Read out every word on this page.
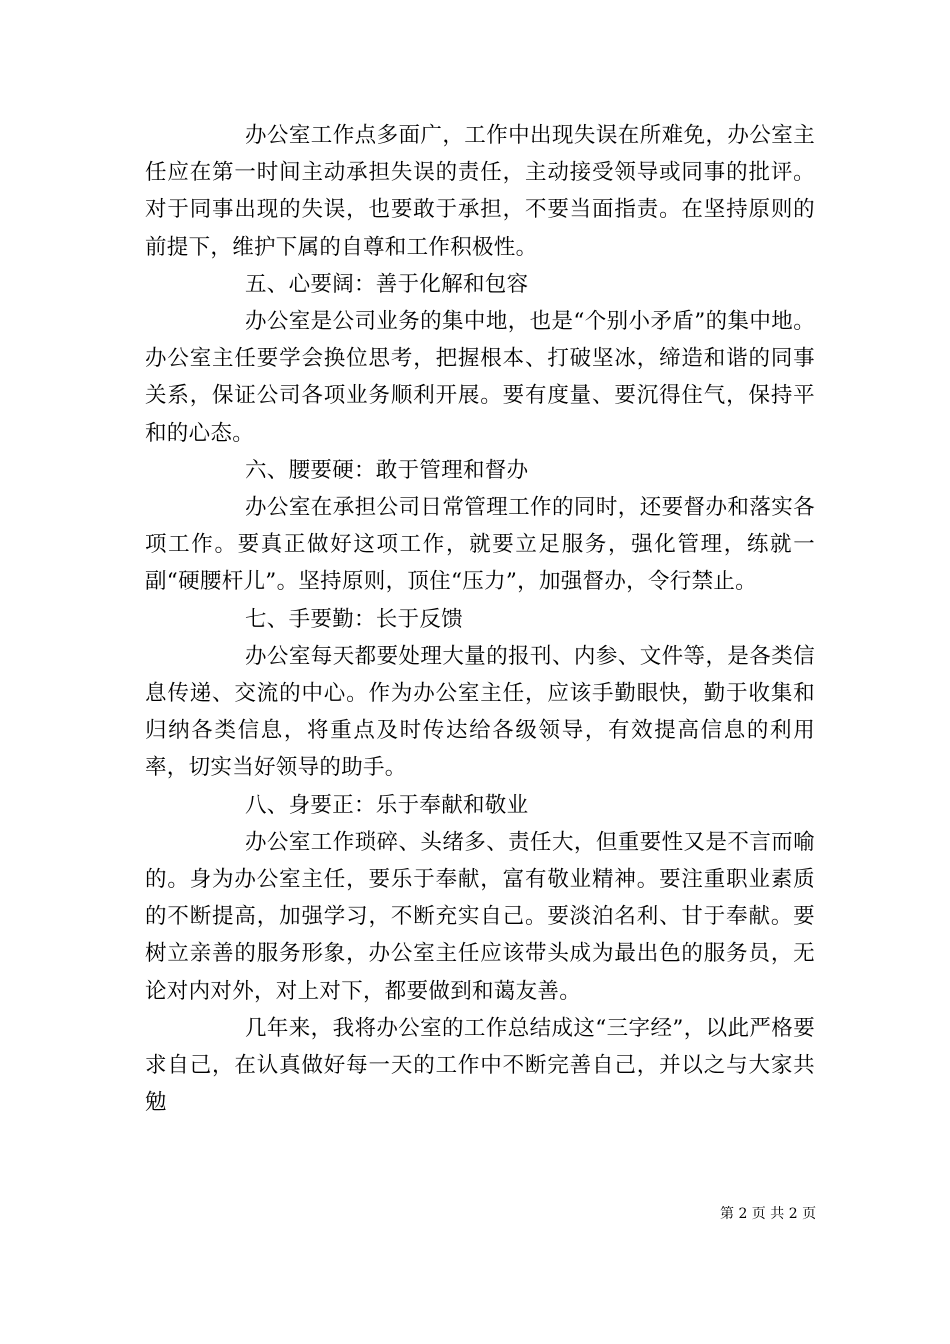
办公室工作点多面广，工作中出现失误在所难免，办公室主任应在第一时间主动承担失误的责任，主动接受领导或同事的批评。对于同事出现的失误，也要敢于承担，不要当面指责。在坚持原则的前提下，维护下属的自尊和工作积极性。

五、心要阔：善于化解和包容

办公室是公司业务的集中地，也是“个别小矛盾”的集中地。办公室主任要学会换位思考，把握根本、打破坚冰，缔造和谐的同事关系，保证公司各项业务顺利开展。要有度量、要沉得住气，保持平和的心态。

六、腰要硬：敢于管理和督办

办公室在承担公司日常管理工作的同时，还要督办和落实各项工作。要真正做好这项工作，就要立足服务，强化管理，练就一副“硬腰杆儿”。坚持原则，顶住“压力”，加强督办，令行禁止。

七、手要勤：长于反馈

办公室每天都要处理大量的报刊、内参、文件等，是各类信息传递、交流的中心。作为办公室主任，应该手勤眼快，勤于收集和归纳各类信息，将重点及时传达给各级领导，有效提高信息的利用率，切实当好领导的助手。

八、身要正：乐于奉献和敬业

办公室工作琐碎、头绪多、责任大，但重要性又是不言而喻的。身为办公室主任，要乐于奉献，富有敬业精神。要注重职业素质的不断提高，加强学习，不断充实自己。要淡泊名利、甘于奉献。要树立亲善的服务形象，办公室主任应该带头成为最出色的服务员，无论对内对外，对上对下，都要做到和蔼友善。

几年来，我将办公室的工作总结成这“三字经”，以此严格要求自己，在认真做好每一天的工作中不断完善自己，并以之与大家共勉

第 2 页 共 2 页
